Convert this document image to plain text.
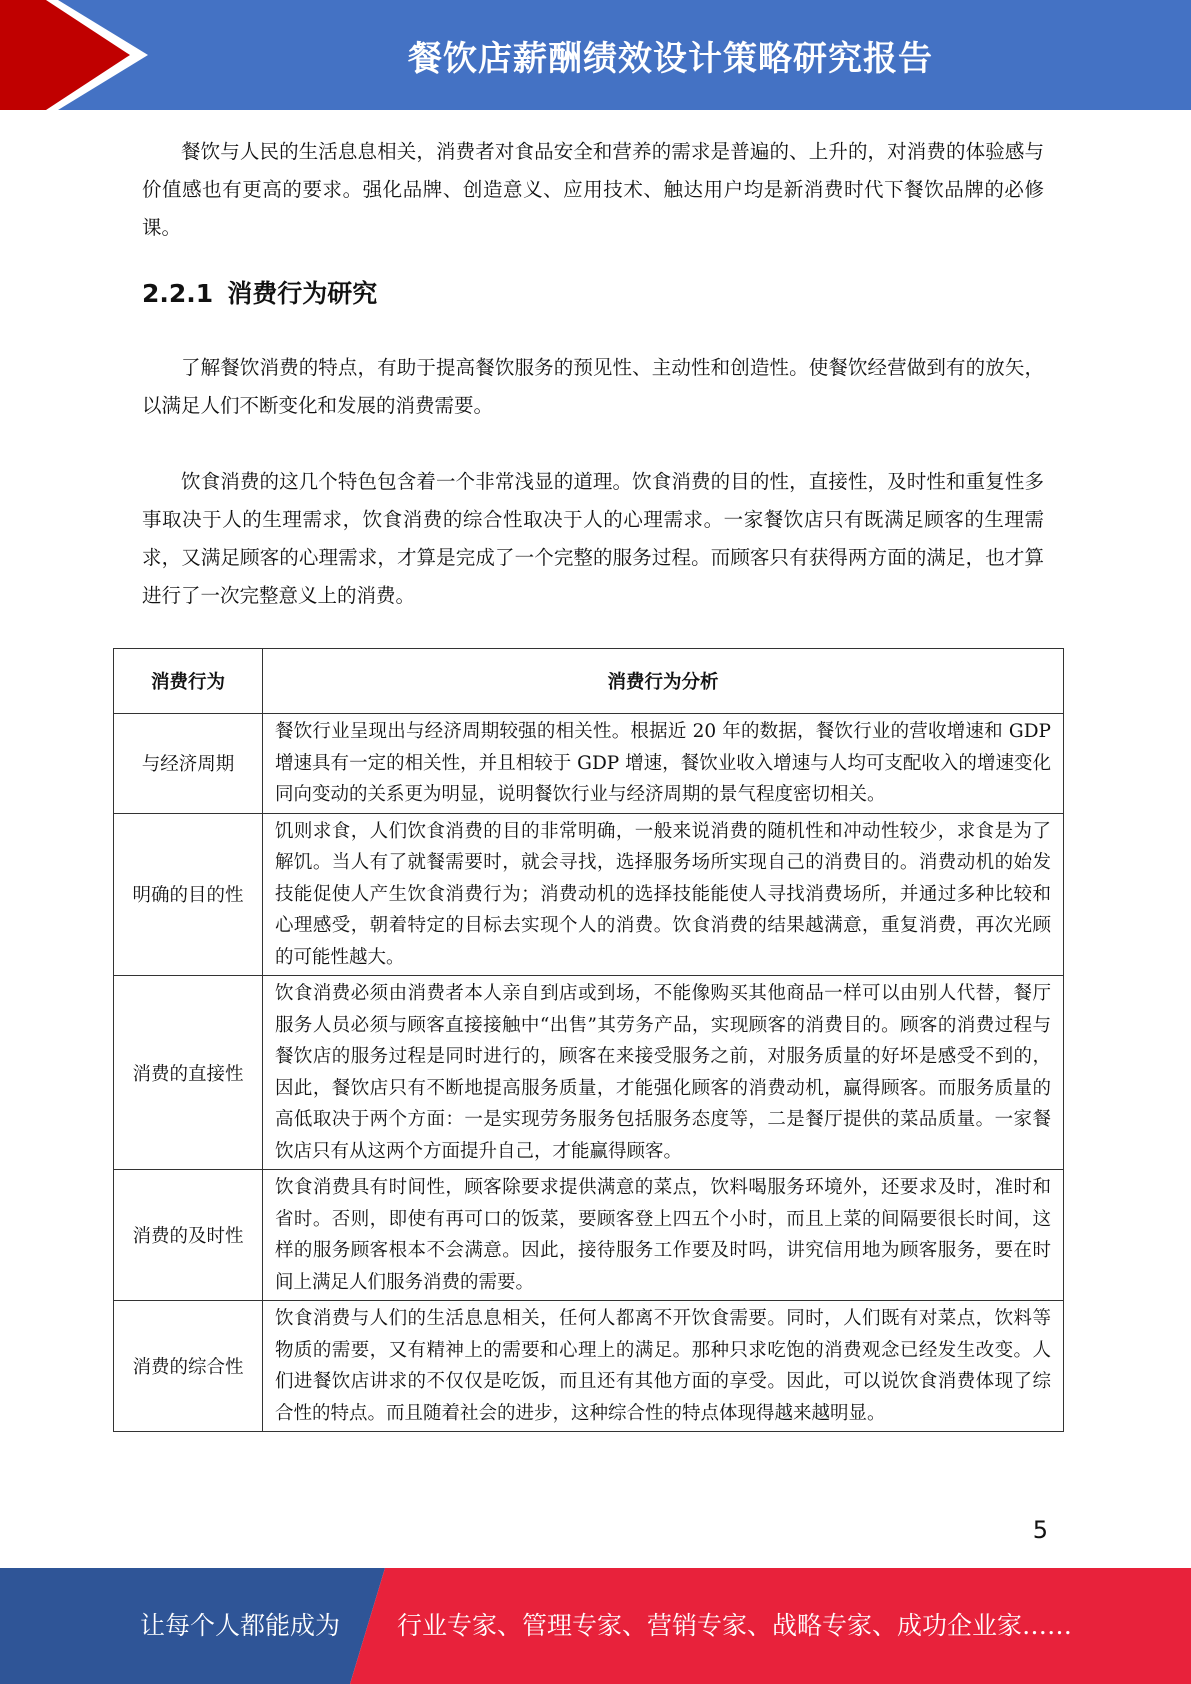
餐饮店薪酬绩效设计策略研究报告

餐饮与人民的生活息息相关，消费者对食品安全和营养的需求是普遍的、上升的，对消费的体验感与价值感也有更高的要求。强化品牌、创造意义、应用技术、触达用户均是新消费时代下餐饮品牌的必修课。

2.2.1 消费行为研究

了解餐饮消费的特点，有助于提高餐饮服务的预见性、主动性和创造性。使餐饮经营做到有的放矢，以满足人们不断变化和发展的消费需要。

饮食消费的这几个特色包含着一个非常浅显的道理。饮食消费的目的性，直接性，及时性和重复性多事取决于人的生理需求，饮食消费的综合性取决于人的心理需求。一家餐饮店只有既满足顾客的生理需求，又满足顾客的心理需求，才算是完成了一个完整的服务过程。而顾客只有获得两方面的满足，也才算进行了一次完整意义上的消费。

消费行为	消费行为分析
与经济周期	餐饮行业呈现出与经济周期较强的相关性。根据近 20 年的数据，餐饮行业的营收增速和 GDP 增速具有一定的相关性，并且相较于 GDP 增速，餐饮业收入增速与人均可支配收入的增速变化同向变动的关系更为明显，说明餐饮行业与经济周期的景气程度密切相关。
明确的目的性	饥则求食，人们饮食消费的目的非常明确，一般来说消费的随机性和冲动性较少，求食是为了解饥。当人有了就餐需要时，就会寻找，选择服务场所实现自己的消费目的。消费动机的始发技能促使人产生饮食消费行为；消费动机的选择技能能使人寻找消费场所，并通过多种比较和心理感受，朝着特定的目标去实现个人的消费。饮食消费的结果越满意，重复消费，再次光顾的可能性越大。
消费的直接性	饮食消费必须由消费者本人亲自到店或到场，不能像购买其他商品一样可以由别人代替，餐厅服务人员必须与顾客直接接触中“出售”其劳务产品，实现顾客的消费目的。顾客的消费过程与餐饮店的服务过程是同时进行的，顾客在来接受服务之前，对服务质量的好坏是感受不到的，因此，餐饮店只有不断地提高服务质量，才能强化顾客的消费动机，赢得顾客。而服务质量的高低取决于两个方面：一是实现劳务服务包括服务态度等，二是餐厅提供的菜品质量。一家餐饮店只有从这两个方面提升自己，才能赢得顾客。
消费的及时性	饮食消费具有时间性，顾客除要求提供满意的菜点，饮料喝服务环境外，还要求及时，准时和省时。否则，即使有再可口的饭菜，要顾客登上四五个小时，而且上菜的间隔要很长时间，这样的服务顾客根本不会满意。因此，接待服务工作要及时吗，讲究信用地为顾客服务，要在时间上满足人们服务消费的需要。
消费的综合性	饮食消费与人们的生活息息相关，任何人都离不开饮食需要。同时，人们既有对菜点，饮料等物质的需要，又有精神上的需要和心理上的满足。那种只求吃饱的消费观念已经发生改变。人们进餐饮店讲求的不仅仅是吃饭，而且还有其他方面的享受。因此，可以说饮食消费体现了综合性的特点。而且随着社会的进步，这种综合性的特点体现得越来越明显。
5
让每个人都能成为 行业专家、管理专家、营销专家、战略专家、成功企业家……
